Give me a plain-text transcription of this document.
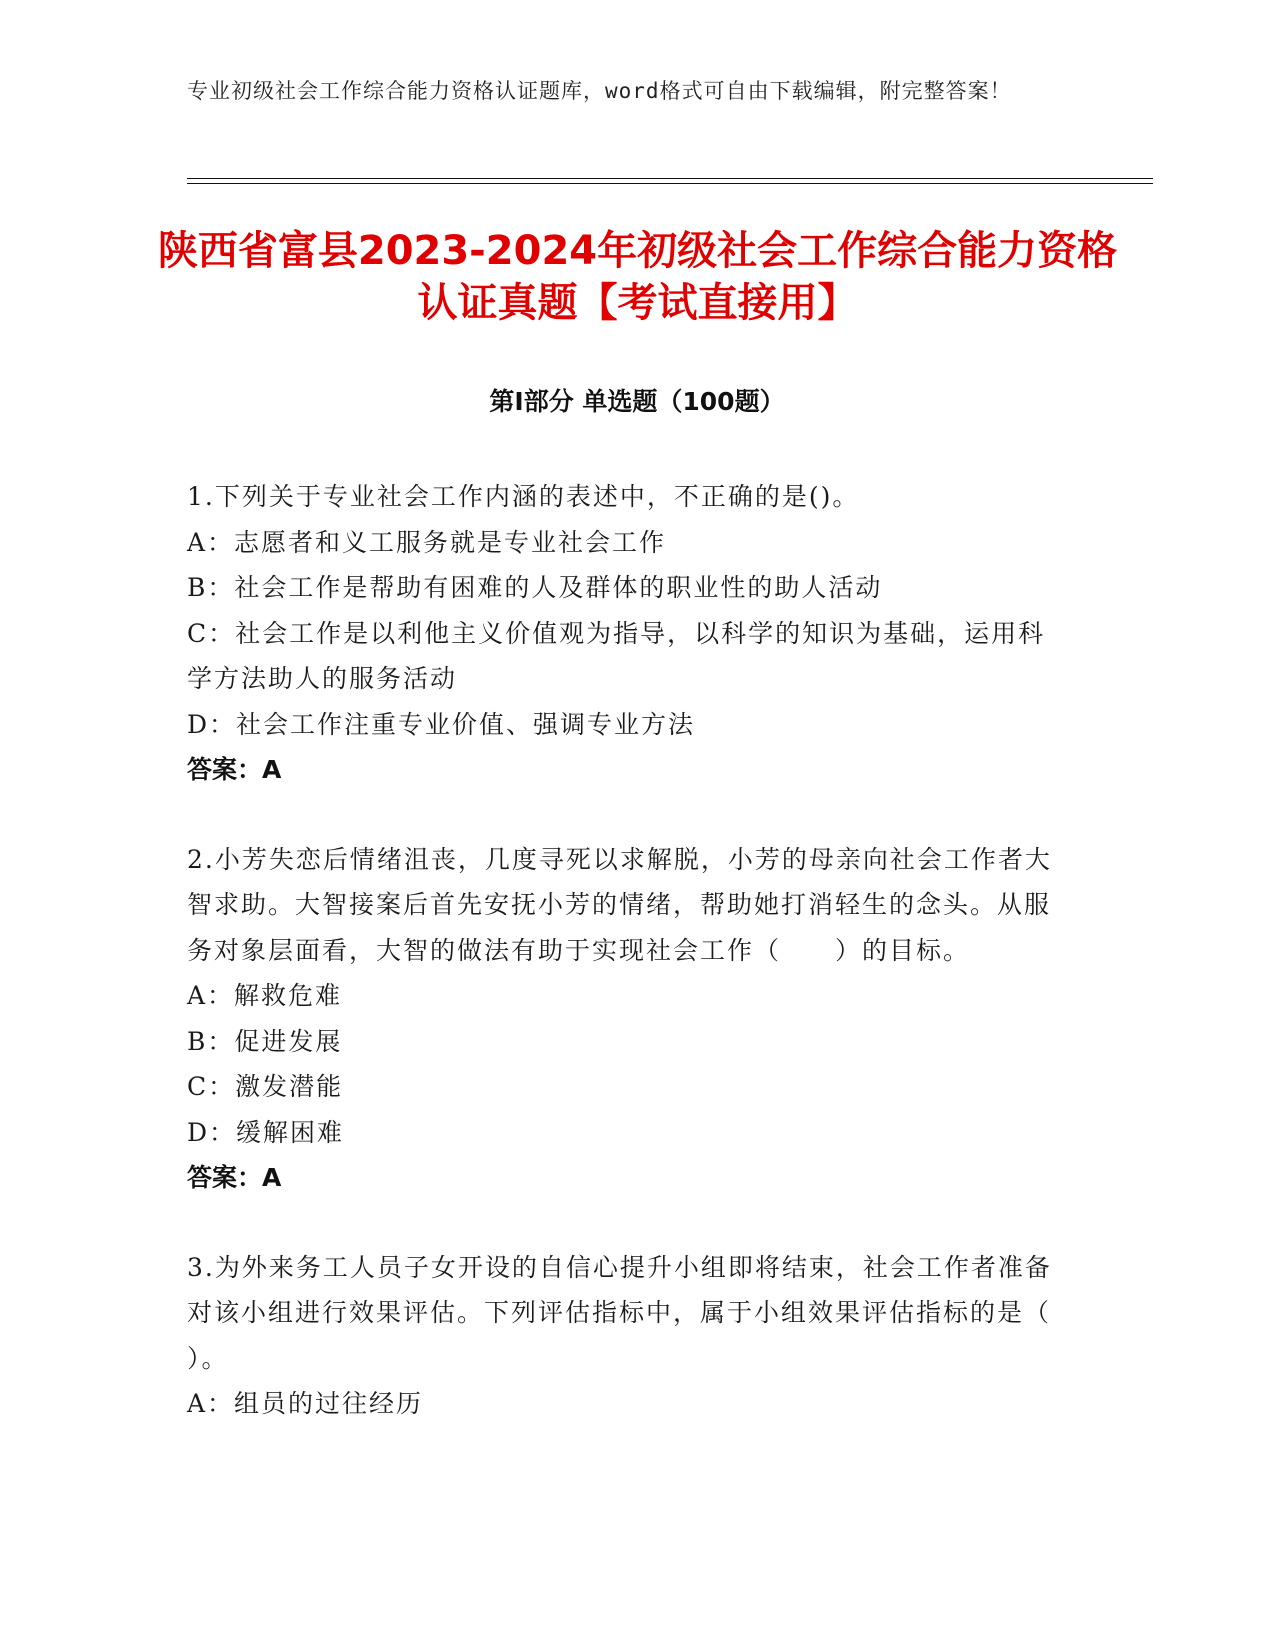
专业初级社会工作综合能力资格认证题库，word格式可自由下载编辑，附完整答案！
陕西省富县2023-2024年初级社会工作综合能力资格认证真题【考试直接用】
第I部分 单选题（100题）

1.下列关于专业社会工作内涵的表述中，不正确的是()。

A：志愿者和义工服务就是专业社会工作

B：社会工作是帮助有困难的人及群体的职业性的助人活动

C：社会工作是以利他主义价值观为指导，以科学的知识为基础，运用科学方法助人的服务活动

D：社会工作注重专业价值、强调专业方法

答案：A

2.小芳失恋后情绪沮丧，几度寻死以求解脱，小芳的母亲向社会工作者大智求助。大智接案后首先安抚小芳的情绪，帮助她打消轻生的念头。从服务对象层面看，大智的做法有助于实现社会工作（　　）的目标。

A：解救危难

B：促进发展

C：激发潜能

D：缓解困难

答案：A

3.为外来务工人员子女开设的自信心提升小组即将结束，社会工作者准备对该小组进行效果评估。下列评估指标中，属于小组效果评估指标的是（ ）。

A：组员的过往经历
